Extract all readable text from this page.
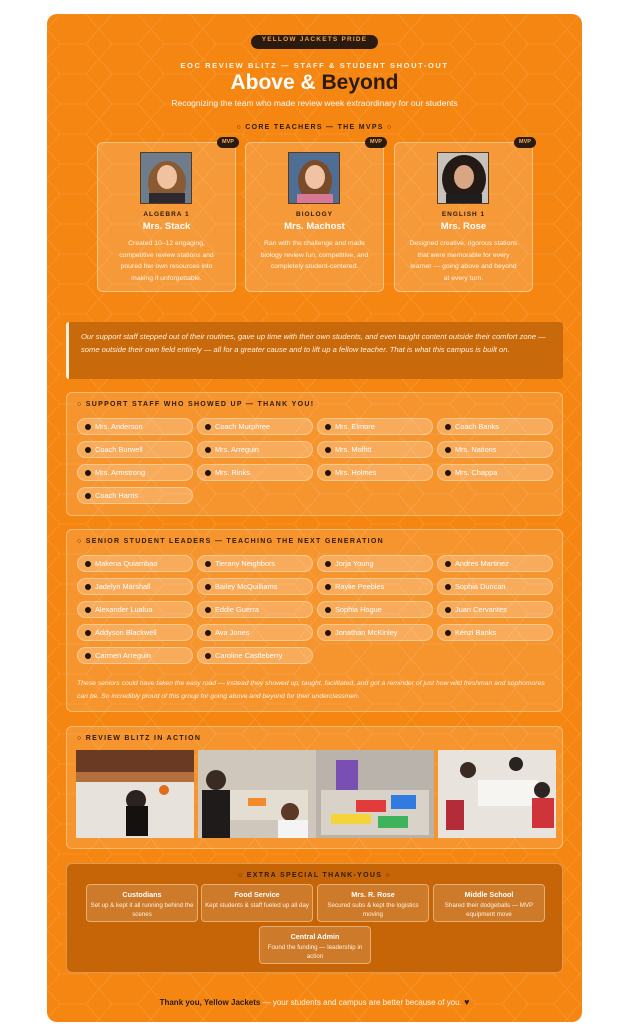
YELLOW JACKETS PRIDE
EOC REVIEW BLITZ — STAFF & STUDENT SHOUT-OUT
Above & Beyond
Recognizing the team who made review week extraordinary for our students
○ CORE TEACHERS — THE MVPS ○
MVP
ALGEBRA 1
Mrs. Stack
Created 10–12 engaging, competitive review stations and poured her own resources into making it unforgettable.
MVP
BIOLOGY
Mrs. Machost
Ran with the challenge and made biology review fun, competitive, and completely student-centered.
MVP
ENGLISH 1
Mrs. Rose
Designed creative, rigorous stations that were memorable for every learner — going above and beyond at every turn.
Our support staff stepped out of their routines, gave up time with their own students, and even taught content outside their comfort zone — some outside their own field entirely — all for a greater cause and to lift up a fellow teacher. That is what this campus is built on.
○ SUPPORT STAFF WHO SHOWED UP — THANK YOU!
Mrs. Anderson	Coach Murphree	Mrs. Elmore	Coach Banks
Coach Burwell	Mrs. Arreguin	Mrs. Moffitt	Mrs. Nations
Mrs. Armstrong	Mrs. Rinks	Mrs. Holmes	Mrs. Chappa
Coach Harris
○ SENIOR STUDENT LEADERS — TEACHING THE NEXT GENERATION
Makena Quiambao	Tierany Neighbors	Jorja Young	Andres Martinez
Jadelyn Marshall	Bailey McQuilliams	Raylie Peebles	Sophia Duncan
Alexander Lualua	Eddie Guerra	Sophia Hogue	Juan Cervantes
Addyson Blackwell	Ava Jones	Jonathan McKinley	Kenzi Banks
Carmen Arreguin	Caroline Castleberry
These seniors could have taken the easy road — instead they showed up, taught, facilitated, and got a reminder of just how wild freshman and sophomores can be. So incredibly proud of this group for going above and beyond for their underclassmen.
○ REVIEW BLITZ IN ACTION
○ EXTRA SPECIAL THANK-YOUS ○
Custodians
Set up & kept it all running behind the scenes
Food Service
Kept students & staff fueled up all day
Mrs. R. Rose
Secured subs & kept the logistics moving
Middle School
Shared their dodgeballs — MVP equipment move
Central Admin
Found the funding — leadership in action
Thank you, Yellow Jackets — your students and campus are better because of you. ♥
